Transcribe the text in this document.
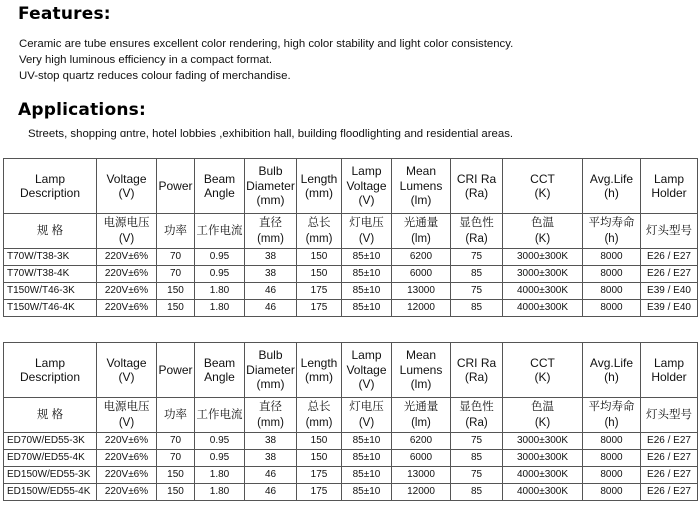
Features:
Ceramic are tube ensures excellent color rendering, high color stability and light color consistency.
Very high luminous efficiency in a compact format.
UV-stop quartz reduces colour fading of merchandise.
Applications:
Streets, shopping ɑntre, hotel lobbies ,exhibition hall, building floodlighting and residential areas.
Lamp
Description	Voltage
(V)	Power	Beam
Angle	Bulb
Diameter
(mm)	Length
(mm)	Lamp
Voltage
(V)	Mean
Lumens
(lm)	CRI Ra
(Ra)	CCT
(K)	Avg.Life
(h)	Lamp
Holder

规 格	电源电压
(V)	功率	工作电流	直径
(mm)	总长
(mm)	灯电压
(V)	光通量
(lm)	显色性
(Ra)	色温
(K)	平均寿命
(h)	灯头型号

T70W/T38-3K	220V±6%	70	0.95	38	150	85±10	6200	75	3000±300K	8000	E26 / E27
T70W/T38-4K	220V±6%	70	0.95	38	150	85±10	6000	85	3000±300K	8000	E26 / E27
T150W/T46-3K	220V±6%	150	1.80	46	175	85±10	13000	75	4000±300K	8000	E39 / E40
T150W/T46-4K	220V±6%	150	1.80	46	175	85±10	12000	85	4000±300K	8000	E39 / E40
Lamp
Description	Voltage
(V)	Power	Beam
Angle	Bulb
Diameter
(mm)	Length
(mm)	Lamp
Voltage
(V)	Mean
Lumens
(lm)	CRI Ra
(Ra)	CCT
(K)	Avg.Life
(h)	Lamp
Holder

规 格	电源电压
(V)	功率	工作电流	直径
(mm)	总长
(mm)	灯电压
(V)	光通量
(lm)	显色性
(Ra)	色温
(K)	平均寿命
(h)	灯头型号

ED70W/ED55-3K	220V±6%	70	0.95	38	150	85±10	6200	75	3000±300K	8000	E26 / E27
ED70W/ED55-4K	220V±6%	70	0.95	38	150	85±10	6000	85	3000±300K	8000	E26 / E27
ED150W/ED55-3K	220V±6%	150	1.80	46	175	85±10	13000	75	4000±300K	8000	E26 / E27
ED150W/ED55-4K	220V±6%	150	1.80	46	175	85±10	12000	85	4000±300K	8000	E26 / E27
